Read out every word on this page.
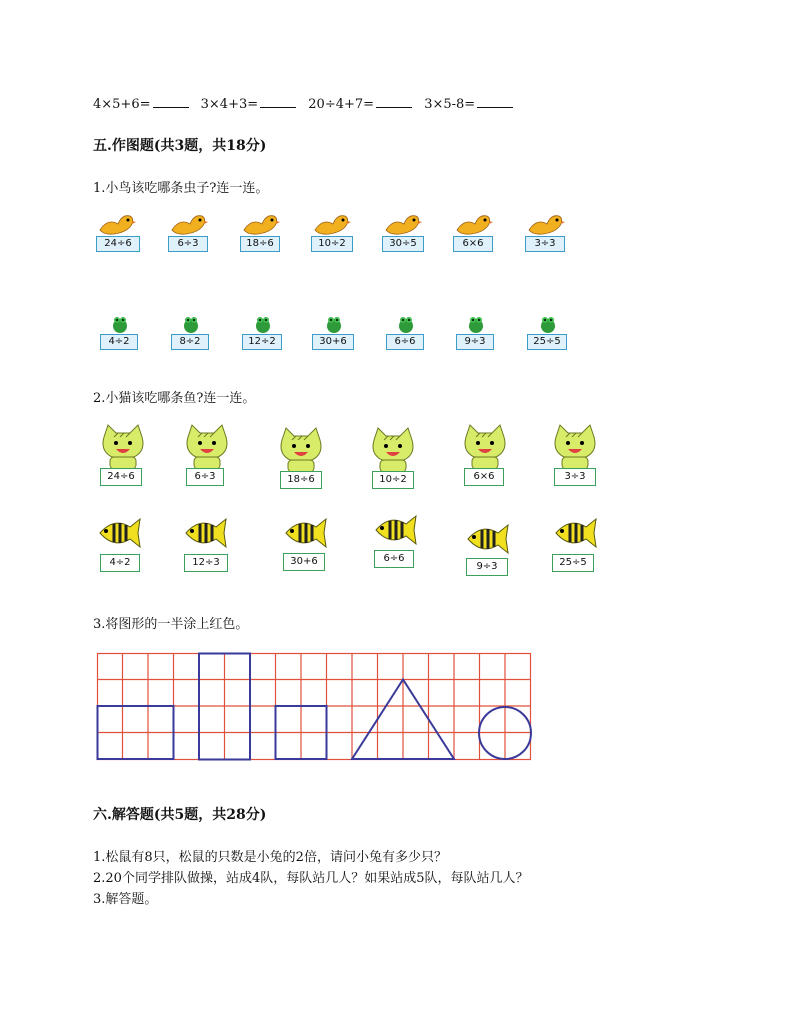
4×5+6=	3×4+3=	20÷4+7=	3×5-8=
五.作图题(共3题，共18分)
1.小鸟该吃哪条虫子?连一连。
24÷6	6÷3	18÷6	10÷2	30÷5	6×6	3÷3
4÷2	8÷2	12÷2	30+6	6÷6	9÷3	25÷5
2.小猫该吃哪条鱼?连一连。
24÷6	6÷3	18÷6	10÷2	6×6	3÷3
4÷2	12÷3	30+6	6÷6
9÷3	25÷5
3.将图形的一半涂上红色。
六.解答题(共5题，共28分)
1.松鼠有8只，松鼠的只数是小兔的2倍，请问小兔有多少只？
2.20个同学排队做操，站成4队，每队站几人？如果站成5队，每队站几人？
3.解答题。
